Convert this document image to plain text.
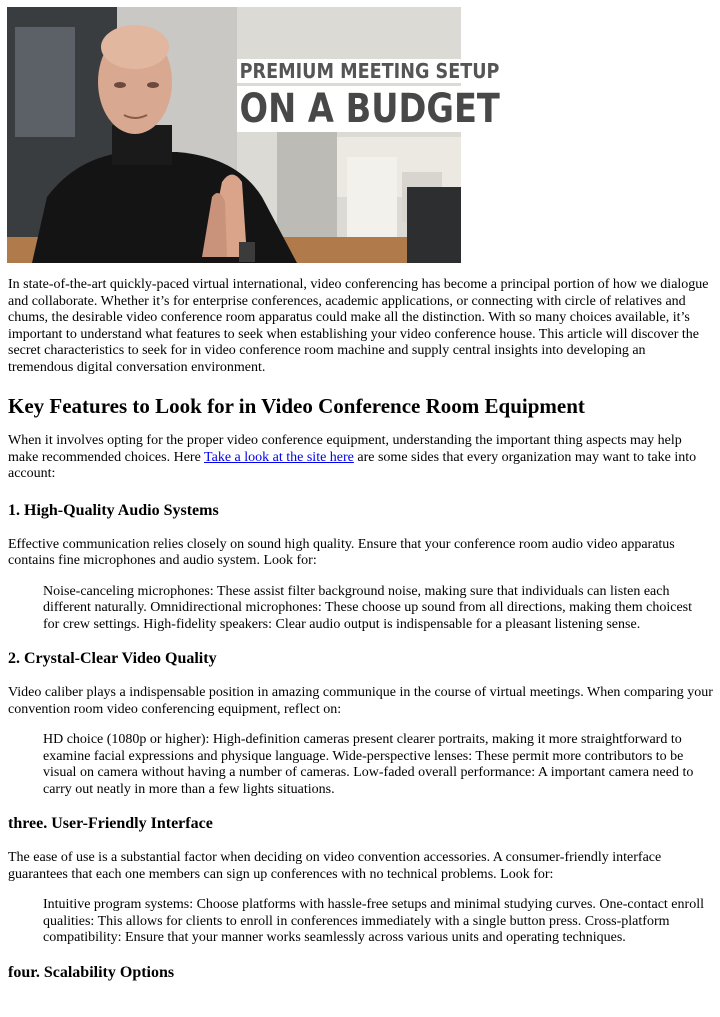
PREMIUM MEETING SETUP
ON A BUDGET

In state-of-the-art quickly-paced virtual international, video conferencing has become a principal portion of how we dialogue and collaborate. Whether it’s for enterprise conferences, academic applications, or connecting with circle of relatives and chums, the desirable video conference room apparatus could make all the distinction. With so many choices available, it’s important to understand what features to seek when establishing your video conference house. This article will discover the secret characteristics to seek for in video conference room machine and supply central insights into developing an tremendous digital conversation environment.

Key Features to Look for in Video Conference Room Equipment

When it involves opting for the proper video conference equipment, understanding the important thing aspects may help make recommended choices. Here Take a look at the site here are some sides that every organization may want to take into account:

1. High-Quality Audio Systems

Effective communication relies closely on sound high quality. Ensure that your conference room audio video apparatus contains fine microphones and audio system. Look for:

Noise-canceling microphones: These assist filter background noise, making sure that individuals can listen each different naturally. Omnidirectional microphones: These choose up sound from all directions, making them choicest for crew settings. High-fidelity speakers: Clear audio output is indispensable for a pleasant listening sense.
2. Crystal-Clear Video Quality

Video caliber plays a indispensable position in amazing communique in the course of virtual meetings. When comparing your convention room video conferencing equipment, reflect on:

HD choice (1080p or higher): High-definition cameras present clearer portraits, making it more straightforward to examine facial expressions and physique language. Wide-perspective lenses: These permit more contributors to be visual on camera without having a number of cameras. Low-faded overall performance: A important camera need to carry out neatly in more than a few lights situations.
three. User-Friendly Interface

The ease of use is a substantial factor when deciding on video convention accessories. A consumer-friendly interface guarantees that each one members can sign up conferences with no technical problems. Look for:

Intuitive program systems: Choose platforms with hassle-free setups and minimal studying curves. One-contact enroll qualities: This allows for clients to enroll in conferences immediately with a single button press. Cross-platform compatibility: Ensure that your manner works seamlessly across various units and operating techniques.
four. Scalability Options
